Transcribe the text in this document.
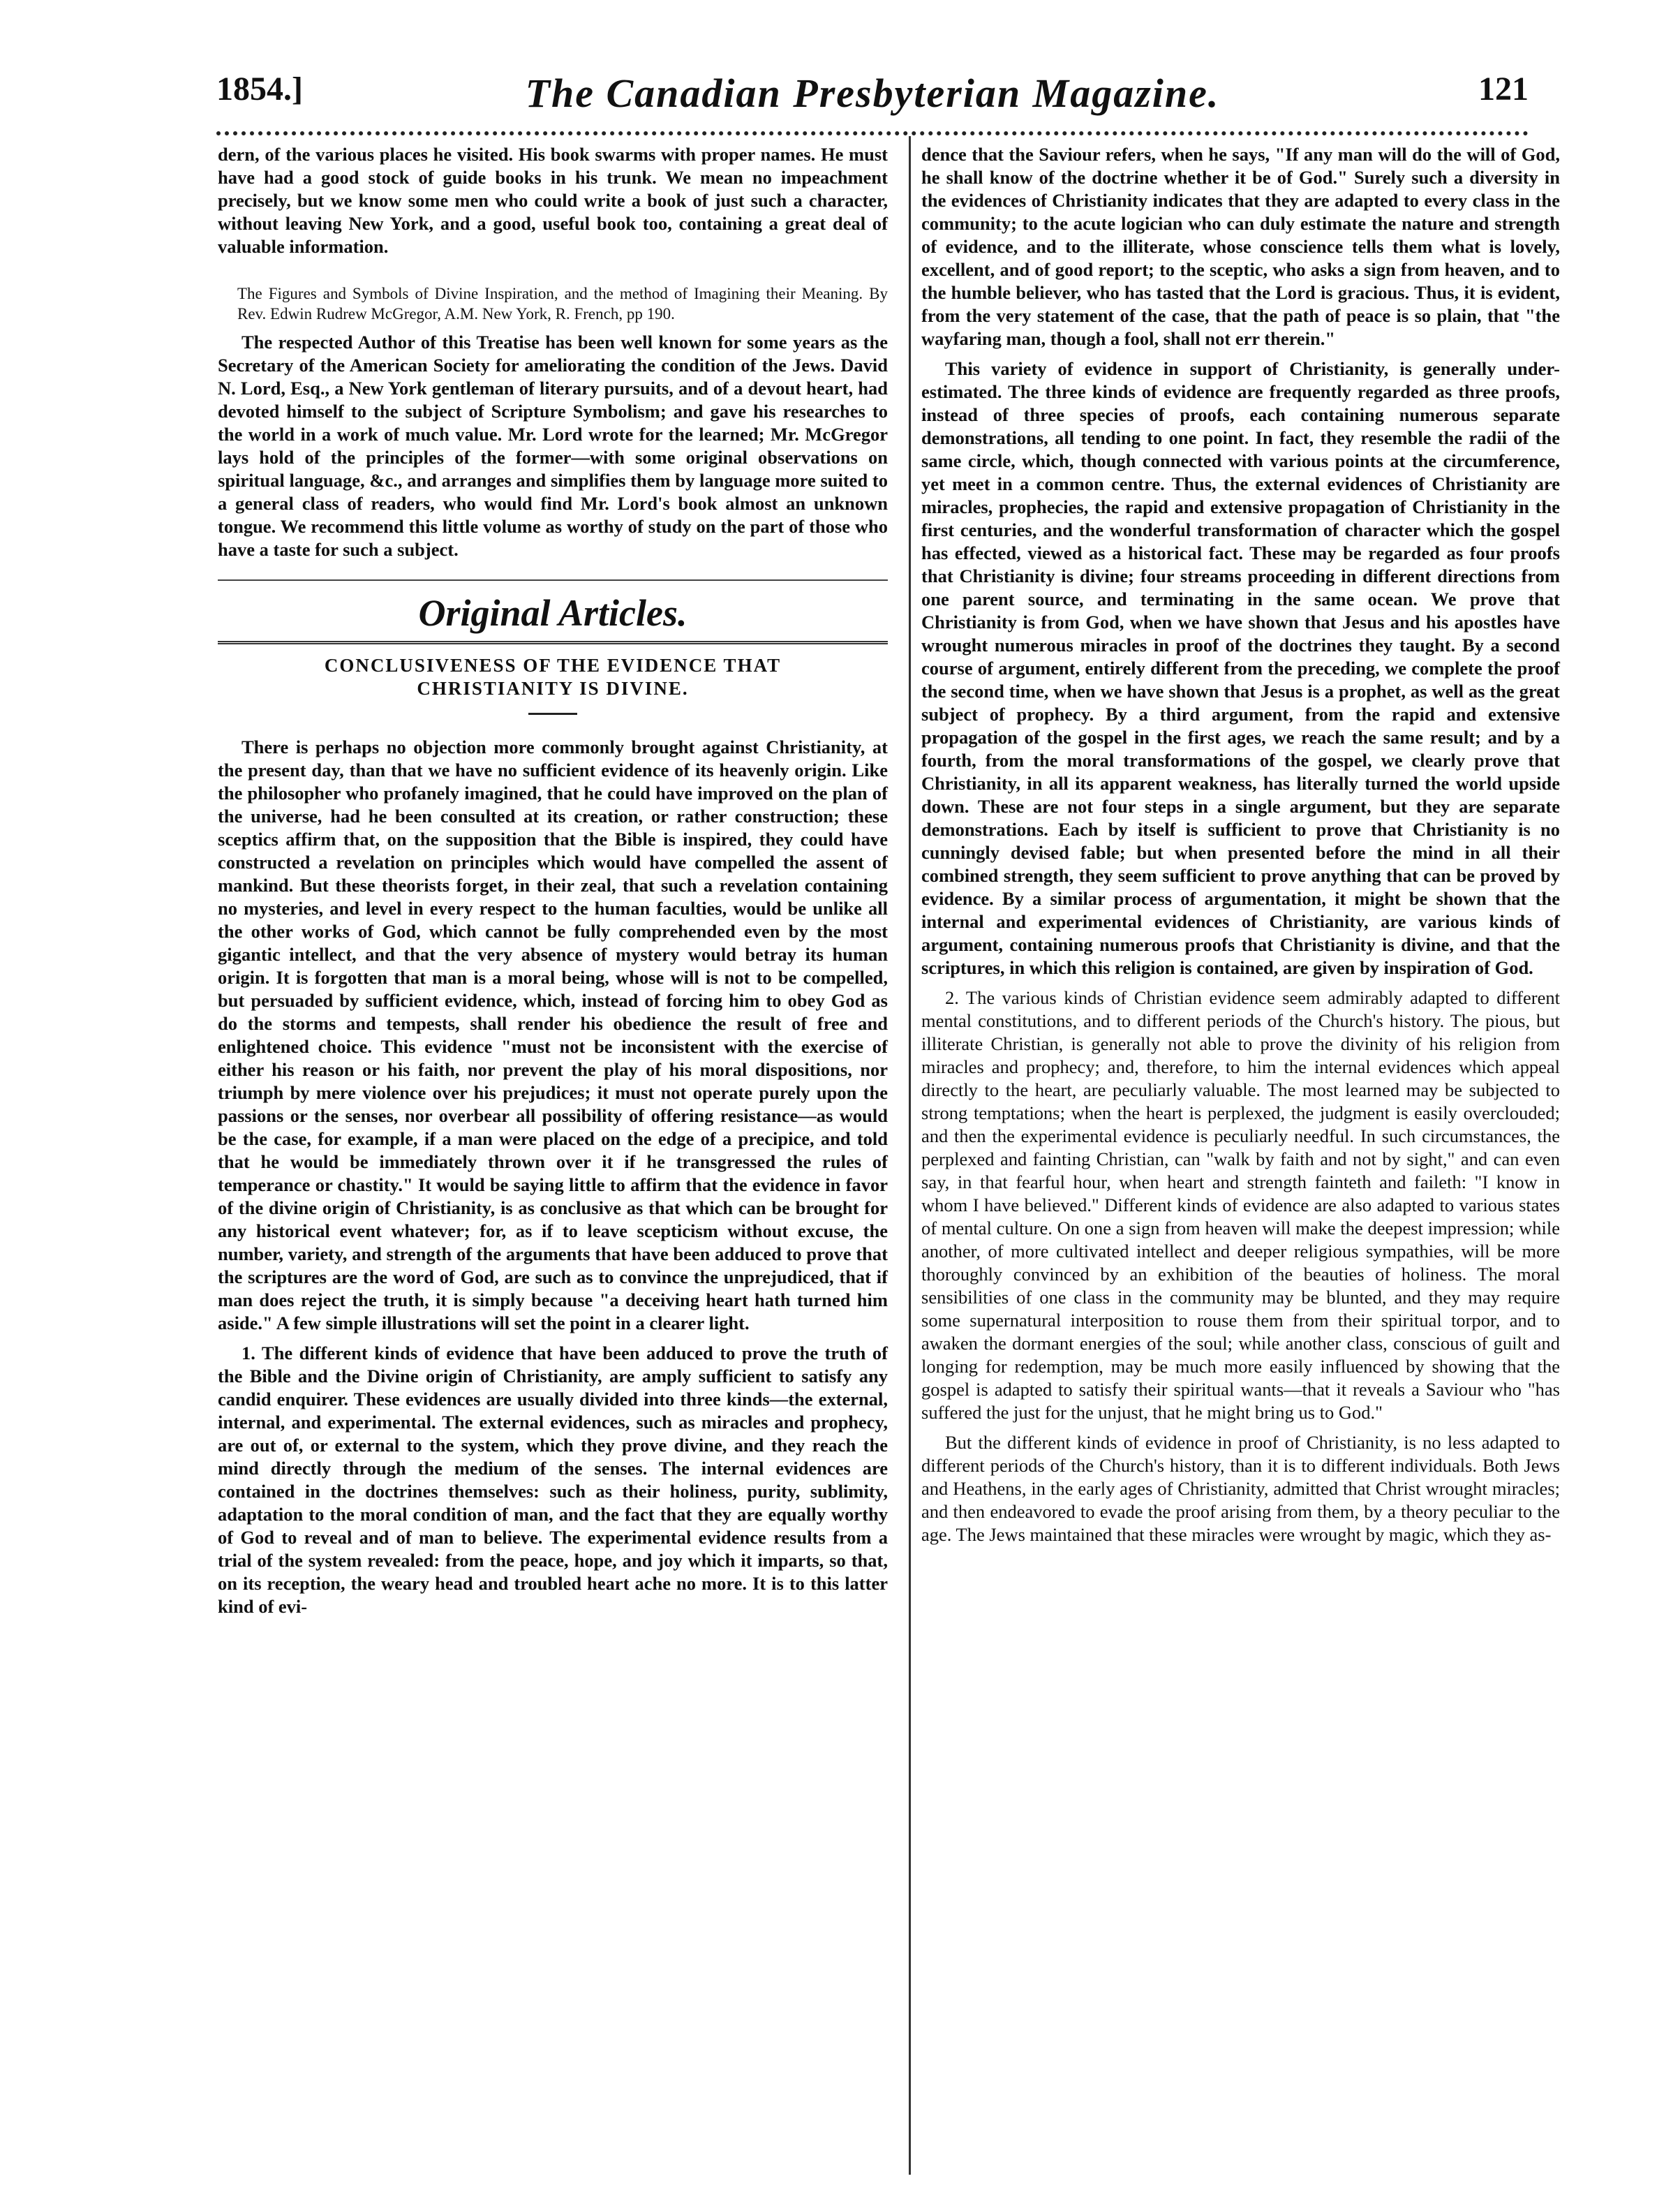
1854.]	The Canadian Presbyterian Magazine.	121

dern, of the various places he visited. His book swarms with proper names. He must have had a good stock of guide books in his trunk. We mean no impeachment precisely, but we know some men who could write a book of just such a character, without leaving New York, and a good, useful book too, containing a great deal of valuable information.

The Figures and Symbols of Divine Inspiration, and the method of Imagining their Meaning. By Rev. Edwin Rudrew McGregor, A.M. New York, R. French, pp 190.

The respected Author of this Treatise has been well known for some years as the Secretary of the American Society for ameliorating the condition of the Jews. David N. Lord, Esq., a New York gentleman of literary pursuits, and of a devout heart, had devoted himself to the subject of Scripture Symbolism; and gave his researches to the world in a work of much value. Mr. Lord wrote for the learned; Mr. McGregor lays hold of the principles of the former—with some original observations on spiritual language, &c., and arranges and simplifies them by language more suited to a general class of readers, who would find Mr. Lord's book almost an unknown tongue. We recommend this little volume as worthy of study on the part of those who have a taste for such a subject.

Original Articles.
CONCLUSIVENESS OF THE EVIDENCE THAT CHRISTIANITY IS DIVINE.

There is perhaps no objection more commonly brought against Christianity, at the present day, than that we have no sufficient evidence of its heavenly origin. Like the philosopher who profanely imagined, that he could have improved on the plan of the universe, had he been consulted at its creation, or rather construction; these sceptics affirm that, on the supposition that the Bible is inspired, they could have constructed a revelation on principles which would have compelled the assent of mankind. But these theorists forget, in their zeal, that such a revelation containing no mysteries, and level in every respect to the human faculties, would be unlike all the other works of God, which cannot be fully comprehended even by the most gigantic intellect, and that the very absence of mystery would betray its human origin. It is forgotten that man is a moral being, whose will is not to be compelled, but persuaded by sufficient evidence, which, instead of forcing him to obey God as do the storms and tempests, shall render his obedience the result of free and enlightened choice. This evidence "must not be inconsistent with the exercise of either his reason or his faith, nor prevent the play of his moral dispositions, nor triumph by mere violence over his prejudices; it must not operate purely upon the passions or the senses, nor overbear all possibility of offering resistance—as would be the case, for example, if a man were placed on the edge of a precipice, and told that he would be immediately thrown over it if he transgressed the rules of temperance or chastity." It would be saying little to affirm that the evidence in favor of the divine origin of Christianity, is as conclusive as that which can be brought for any historical event whatever; for, as if to leave scepticism without excuse, the number, variety, and strength of the arguments that have been adduced to prove that the scriptures are the word of God, are such as to convince the unprejudiced, that if man does reject the truth, it is simply because "a deceiving heart hath turned him aside." A few simple illustrations will set the point in a clearer light.

1. The different kinds of evidence that have been adduced to prove the truth of the Bible and the Divine origin of Christianity, are amply sufficient to satisfy any candid enquirer. These evidences are usually divided into three kinds—the external, internal, and experimental. The external evidences, such as miracles and prophecy, are out of, or external to the system, which they prove divine, and they reach the mind directly through the medium of the senses. The internal evidences are contained in the doctrines themselves: such as their holiness, purity, sublimity, adaptation to the moral condition of man, and the fact that they are equally worthy of God to reveal and of man to believe. The experimental evidence results from a trial of the system revealed: from the peace, hope, and joy which it imparts, so that, on its reception, the weary head and troubled heart ache no more. It is to this latter kind of evi-

dence that the Saviour refers, when he says, "If any man will do the will of God, he shall know of the doctrine whether it be of God." Surely such a diversity in the evidences of Christianity indicates that they are adapted to every class in the community; to the acute logician who can duly estimate the nature and strength of evidence, and to the illiterate, whose conscience tells them what is lovely, excellent, and of good report; to the sceptic, who asks a sign from heaven, and to the humble believer, who has tasted that the Lord is gracious. Thus, it is evident, from the very statement of the case, that the path of peace is so plain, that "the wayfaring man, though a fool, shall not err therein."

This variety of evidence in support of Christianity, is generally under-estimated. The three kinds of evidence are frequently regarded as three proofs, instead of three species of proofs, each containing numerous separate demonstrations, all tending to one point. In fact, they resemble the radii of the same circle, which, though connected with various points at the circumference, yet meet in a common centre. Thus, the external evidences of Christianity are miracles, prophecies, the rapid and extensive propagation of Christianity in the first centuries, and the wonderful transformation of character which the gospel has effected, viewed as a historical fact. These may be regarded as four proofs that Christianity is divine; four streams proceeding in different directions from one parent source, and terminating in the same ocean. We prove that Christianity is from God, when we have shown that Jesus and his apostles have wrought numerous miracles in proof of the doctrines they taught. By a second course of argument, entirely different from the preceding, we complete the proof the second time, when we have shown that Jesus is a prophet, as well as the great subject of prophecy. By a third argument, from the rapid and extensive propagation of the gospel in the first ages, we reach the same result; and by a fourth, from the moral transformations of the gospel, we clearly prove that Christianity, in all its apparent weakness, has literally turned the world upside down. These are not four steps in a single argument, but they are separate demonstrations. Each by itself is sufficient to prove that Christianity is no cunningly devised fable; but when presented before the mind in all their combined strength, they seem sufficient to prove anything that can be proved by evidence. By a similar process of argumentation, it might be shown that the internal and experimental evidences of Christianity, are various kinds of argument, containing numerous proofs that Christianity is divine, and that the scriptures, in which this religion is contained, are given by inspiration of God.

2. The various kinds of Christian evidence seem admirably adapted to different mental constitutions, and to different periods of the Church's history. The pious, but illiterate Christian, is generally not able to prove the divinity of his religion from miracles and prophecy; and, therefore, to him the internal evidences which appeal directly to the heart, are peculiarly valuable. The most learned may be subjected to strong temptations; when the heart is perplexed, the judgment is easily overclouded; and then the experimental evidence is peculiarly needful. In such circumstances, the perplexed and fainting Christian, can "walk by faith and not by sight," and can even say, in that fearful hour, when heart and strength fainteth and faileth: "I know in whom I have believed." Different kinds of evidence are also adapted to various states of mental culture. On one a sign from heaven will make the deepest impression; while another, of more cultivated intellect and deeper religious sympathies, will be more thoroughly convinced by an exhibition of the beauties of holiness. The moral sensibilities of one class in the community may be blunted, and they may require some supernatural interposition to rouse them from their spiritual torpor, and to awaken the dormant energies of the soul; while another class, conscious of guilt and longing for redemption, may be much more easily influenced by showing that the gospel is adapted to satisfy their spiritual wants—that it reveals a Saviour who "has suffered the just for the unjust, that he might bring us to God."

But the different kinds of evidence in proof of Christianity, is no less adapted to different periods of the Church's history, than it is to different individuals. Both Jews and Heathens, in the early ages of Christianity, admitted that Christ wrought miracles; and then endeavored to evade the proof arising from them, by a theory peculiar to the age. The Jews maintained that these miracles were wrought by magic, which they as-
